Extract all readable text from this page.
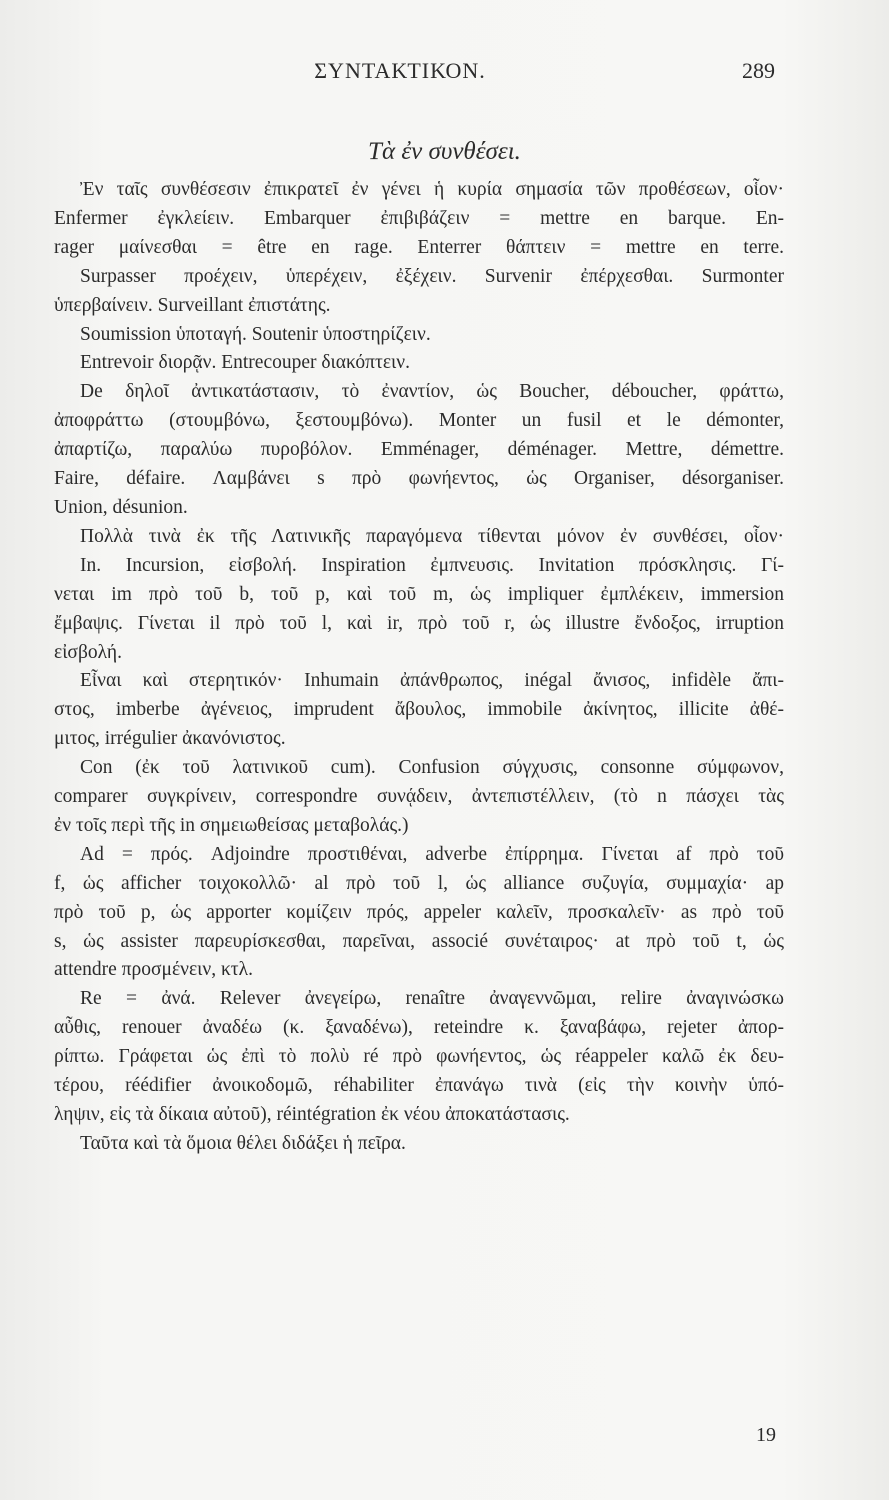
ΣΥΝΤΑΚΤΙΚΟΝ.	289
Τὰ ἐν συνθέσει.
Ἐν ταῖς συνθέσεσιν ἐπικρατεῖ ἐν γένει ἡ κυρία σημασία τῶν προθέσεων, οἷον·
Enfermer ἐγκλείειν. Embarquer ἐπιβιβάζειν = mettre en barque. En-
rager μαίνεσθαι = être en rage. Enterrer θάπτειν = mettre en terre.
Surpasser προέχειν, ὑπερέχειν, ἐξέχειν. Survenir ἐπέρχεσθαι. Surmonter
ὑπερβαίνειν. Surveillant ἐπιστάτης.
Soumission ὑποταγή. Soutenir ὑποστηρίζειν.
Entrevoir διορᾷν. Entrecouper διακόπτειν.
De δηλοῖ ἀντικατάστασιν, τὸ ἐναντίον, ὡς Boucher, déboucher, φράττω,
ἀποφράττω (στουμβόνω, ξεστουμβόνω). Monter un fusil et le démonter,
ἀπαρτίζω, παραλύω πυροβόλον. Emménager, déménager. Mettre, démettre.
Faire, défaire. Λαμβάνει s πρὸ φωνήεντος, ὡς Organiser, désorganiser.
Union, désunion.
Πολλὰ τινὰ ἐκ τῆς Λατινικῆς παραγόμενα τίθενται μόνον ἐν συνθέσει, οἷον·
In. Incursion, εἰσβολή. Inspiration ἐμπνευσις. Invitation πρόσκλησις. Γί-
νεται im πρὸ τοῦ b, τοῦ p, καὶ τοῦ m, ὡς impliquer ἐμπλέκειν, immersion
ἔμβαψις. Γίνεται il πρὸ τοῦ l, καὶ ir, πρὸ τοῦ r, ὡς illustre ἔνδοξος, irruption
εἰσβολή.
Εἶναι καὶ στερητικόν· Inhumain ἀπάνθρωπος, inégal ἄνισος, infidèle ἄπι-
στος, imberbe ἀγένειος, imprudent ἄβουλος, immobile ἀκίνητος, illicite ἀθέ-
μιτος, irrégulier ἀκανόνιστος.
Con (ἐκ τοῦ λατινικοῦ cum). Confusion σύγχυσις, consonne σύμφωνον,
comparer συγκρίνειν, correspondre συνᾴδειν, ἀντεπιστέλλειν, (τὸ n πάσχει τὰς
ἐν τοῖς περὶ τῆς in σημειωθείσας μεταβολάς.)
Ad = πρός. Adjoindre προστιθέναι, adverbe ἐπίρρημα. Γίνεται af πρὸ τοῦ
f, ὡς afficher τοιχοκολλῶ· al πρὸ τοῦ l, ὡς alliance συζυγία, συμμαχία· ap
πρὸ τοῦ p, ὡς apporter κομίζειν πρός, appeler καλεῖν, προσκαλεῖν· as πρὸ τοῦ
s, ὡς assister παρευρίσκεσθαι, παρεῖναι, associé συνέταιρος· at πρὸ τοῦ t, ὡς
attendre προσμένειν, κτλ.
Re = ἀνά. Relever ἀνεγείρω, renaître ἀναγεννῶμαι, relire ἀναγινώσκω
αὖθις, renouer ἀναδέω (κ. ξαναδένω), reteindre κ. ξαναβάφω, rejeter ἀπορ-
ρίπτω. Γράφεται ὡς ἐπὶ τὸ πολὺ ré πρὸ φωνήεντος, ὡς réappeler καλῶ ἐκ δευ-
τέρου, réédifier ἀνοικοδομῶ, réhabiliter ἐπανάγω τινὰ (εἰς τὴν κοινὴν ὑπό-
ληψιν, εἰς τὰ δίκαια αὐτοῦ), réintégration ἐκ νέου ἀποκατάστασις.
Ταῦτα καὶ τὰ ὅμοια θέλει διδάξει ἡ πεῖρα.
19
